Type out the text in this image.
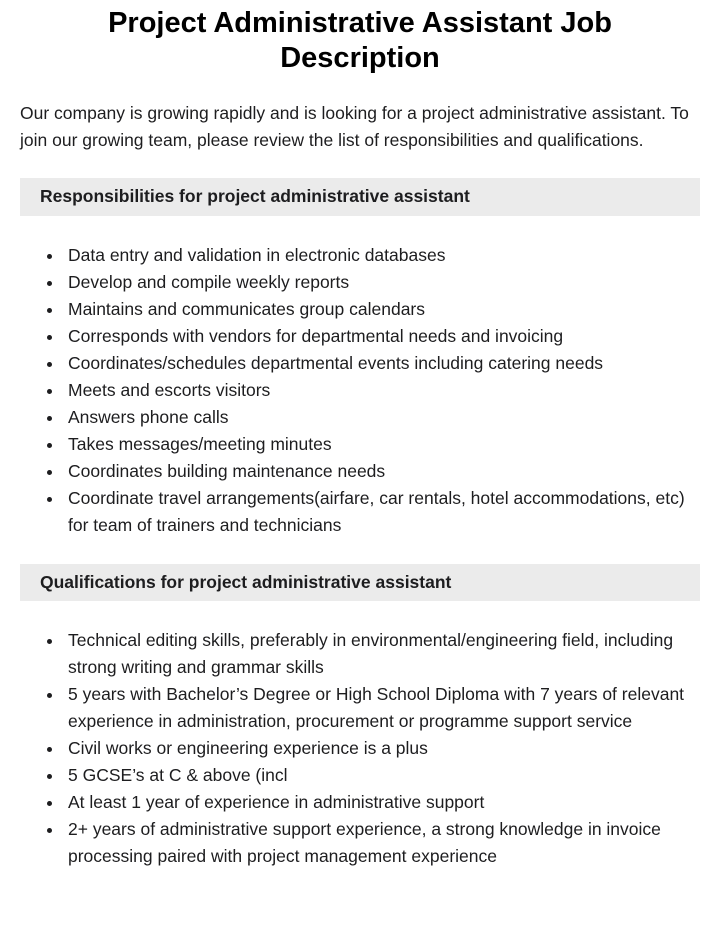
Project Administrative Assistant Job Description

Our company is growing rapidly and is looking for a project administrative assistant. To join our growing team, please review the list of responsibilities and qualifications.

Responsibilities for project administrative assistant
• Data entry and validation in electronic databases
• Develop and compile weekly reports
• Maintains and communicates group calendars
• Corresponds with vendors for departmental needs and invoicing
• Coordinates/schedules departmental events including catering needs
• Meets and escorts visitors
• Answers phone calls
• Takes messages/meeting minutes
• Coordinates building maintenance needs
• Coordinate travel arrangements(airfare, car rentals, hotel accommodations, etc) for team of trainers and technicians
Qualifications for project administrative assistant
• Technical editing skills, preferably in environmental/engineering field, including strong writing and grammar skills
• 5 years with Bachelor’s Degree or High School Diploma with 7 years of relevant experience in administration, procurement or programme support service
• Civil works or engineering experience is a plus
• 5 GCSE’s at C & above (incl
• At least 1 year of experience in administrative support
• 2+ years of administrative support experience, a strong knowledge in invoice processing paired with project management experience
